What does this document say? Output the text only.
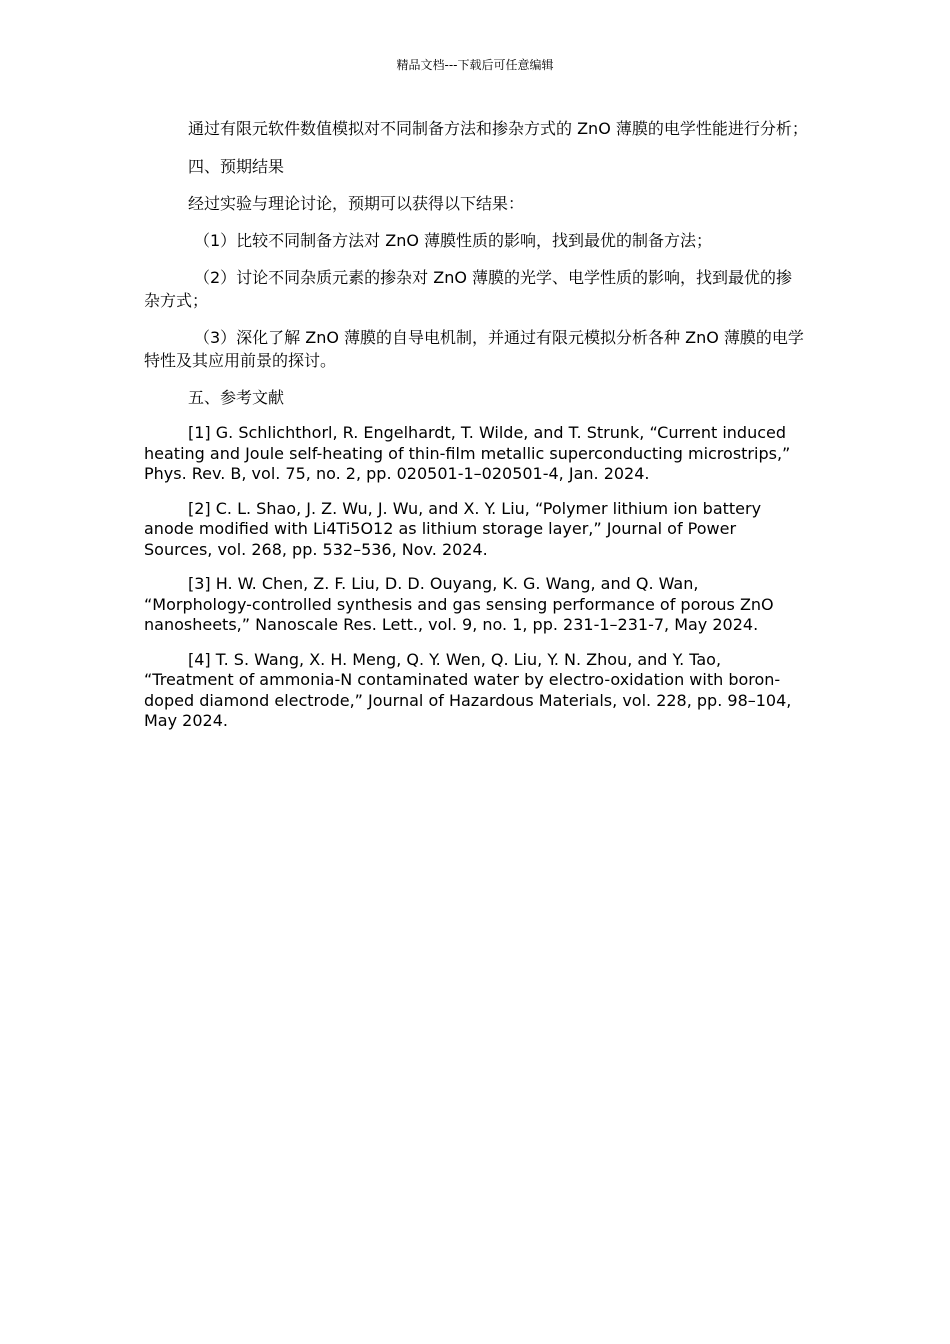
精品文档---下载后可任意编辑

通过有限元软件数值模拟对不同制备方法和掺杂方式的 ZnO 薄膜的电学性能进行分析；

四、预期结果

经过实验与理论讨论，预期可以获得以下结果：

（1）比较不同制备方法对 ZnO 薄膜性质的影响，找到最优的制备方法；

（2）讨论不同杂质元素的掺杂对 ZnO 薄膜的光学、电学性质的影响，找到最优的掺杂方式；

（3）深化了解 ZnO 薄膜的自导电机制，并通过有限元模拟分析各种 ZnO 薄膜的电学特性及其应用前景的探讨。

五、参考文献

[1] G. Schlichthorl, R. Engelhardt, T. Wilde, and T. Strunk, “Current induced heating and Joule self-heating of thin-film metallic superconducting microstrips,” Phys. Rev. B, vol. 75, no. 2, pp. 020501-1–020501-4, Jan. 2024.

[2] C. L. Shao, J. Z. Wu, J. Wu, and X. Y. Liu, “Polymer lithium ion battery anode modified with Li4Ti5O12 as lithium storage layer,” Journal of Power Sources, vol. 268, pp. 532–536, Nov. 2024.

[3] H. W. Chen, Z. F. Liu, D. D. Ouyang, K. G. Wang, and Q. Wan, “Morphology-controlled synthesis and gas sensing performance of porous ZnO nanosheets,” Nanoscale Res. Lett., vol. 9, no. 1, pp. 231-1–231-7, May 2024.

[4] T. S. Wang, X. H. Meng, Q. Y. Wen, Q. Liu, Y. N. Zhou, and Y. Tao, “Treatment of ammonia-N contaminated water by electro-oxidation with boron-doped diamond electrode,” Journal of Hazardous Materials, vol. 228, pp. 98–104, May 2024.
